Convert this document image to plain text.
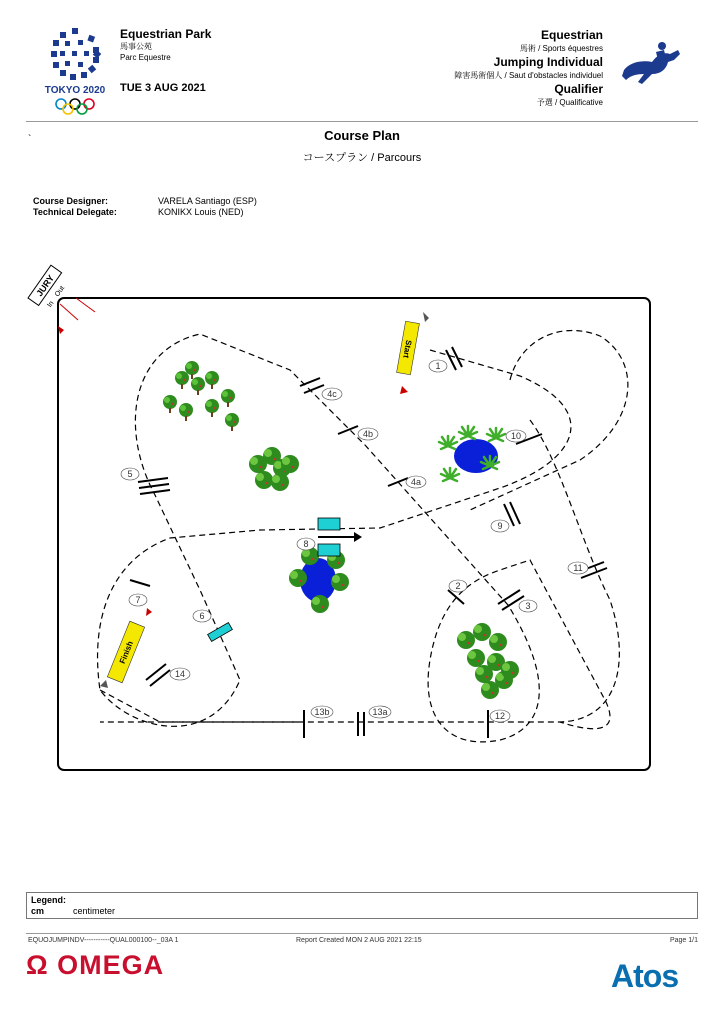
TOKYO 2020
Equestrian Park
馬事公苑
Parc Equestre
TUE 3 AUG 2021
Equestrian
馬術 / Sports équestres
Jumping Individual
障害馬術個人 / Saut d'obstacles individuel
Qualifier
予選 / Qualificative
`	Course Plan
コースプラン / Parcours
Course Designer:	VARELA Santiago (ESP)
Technical Delegate:	KONIKX Louis (NED)
JURY
In
Out
Start
Finish
1
2
3
4a
4b
4c
5
6
7
8
9
10
11
12
13a
13b
14
Legend:
cm	centimeter
EQUOJUMPINDV-----------QUAL000100--_03A 1	Report Created MON 2 AUG 2021 22:15	Page 1/1
Ω OMEGA	Atos
